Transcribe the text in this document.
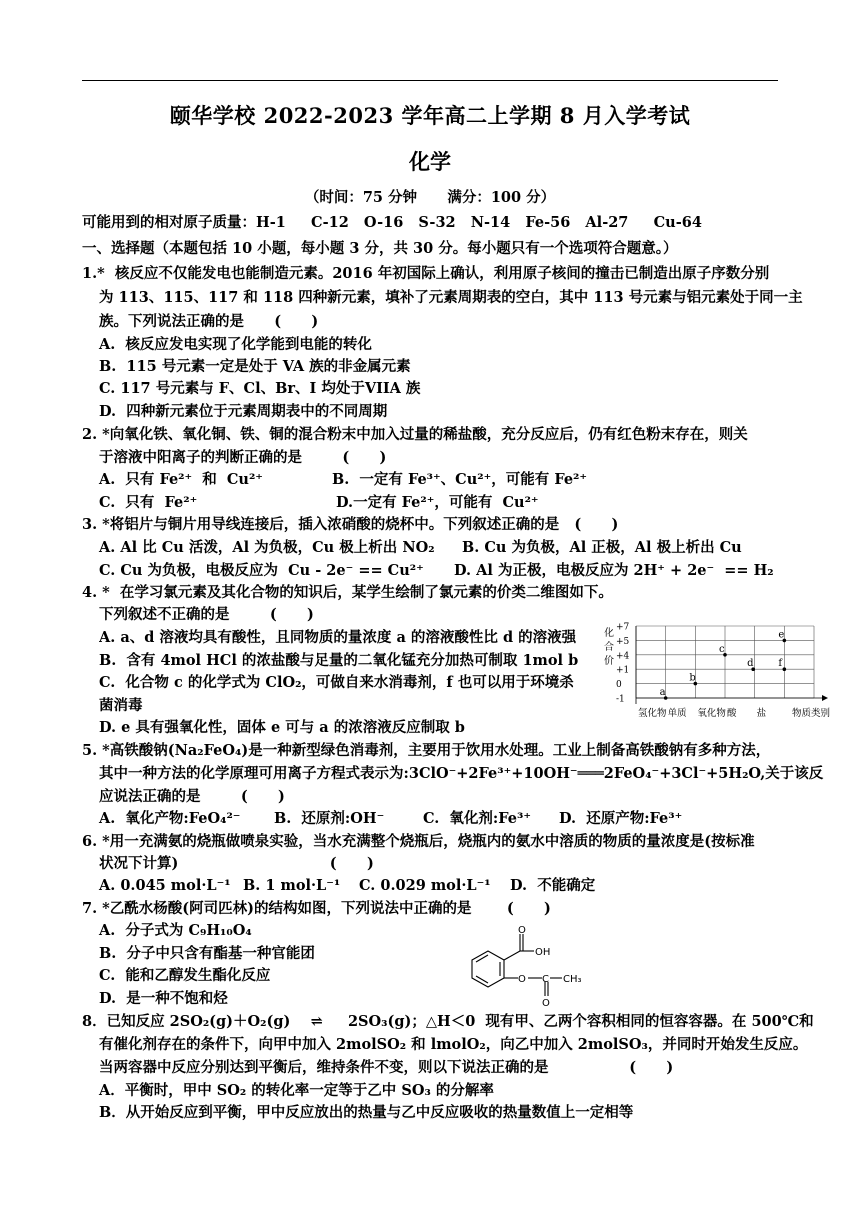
颐华学校 2022-2023 学年高二上学期 8 月入学考试
化学
（时间：75 分钟      满分：100 分）
可能用到的相对原子质量：H-1     C-12   O-16   S-32   N-14   Fe-56   Al-27     Cu-64
一、选择题（本题包括 10 小题，每小题 3 分，共 30 分。每小题只有一个选项符合题意。）
1.*  核反应不仅能发电也能制造元素。2016 年初国际上确认，利用原子核间的撞击已制造出原子序数分别
为 113、115、117 和 118 四种新元素，填补了元素周期表的空白，其中 113 号元素与铝元素处于同一主
族。下列说法正确的是      (      )
A.  核反应发电实现了化学能到电能的转化
B.  115 号元素一定是处于 VA 族的非金属元素
C. 117 号元素与 F、Cl、Br、I 均处于VIIA 族
D.  四种新元素位于元素周期表中的不同周期
2. *向氧化铁、氧化铜、铁、铜的混合粉末中加入过量的稀盐酸，充分反应后，仍有红色粉末存在，则关
于溶液中阳离子的判断正确的是        (      )
A.  只有 Fe²⁺  和  Cu²⁺	B.  一定有 Fe³⁺、Cu²⁺，可能有 Fe²⁺
C.  只有  Fe²⁺	D.一定有 Fe²⁺，可能有  Cu²⁺
3. *将铝片与铜片用导线连接后，插入浓硝酸的烧杯中。下列叙述正确的是   (      )
A. Al 比 Cu 活泼，Al 为负极，Cu 极上析出 NO₂ B. Cu 为负极，Al 正极，Al 极上析出 Cu
C. Cu 为负极，电极反应为  Cu - 2e⁻ == Cu²⁺ D. Al 为正极，电极反应为 2H⁺ + 2e⁻  == H₂
4. *  在学习氯元素及其化合物的知识后，某学生绘制了氯元素的价类二维图如下。
下列叙述不正确的是        (      )
A. a、d 溶液均具有酸性，且同物质的量浓度 a 的溶液酸性比 d 的溶液强
B.  含有 4mol HCl 的浓盐酸与足量的二氧化锰充分加热可制取 1mol b
C.  化合物 c 的化学式为 ClO₂，可做自来水消毒剂，f 也可以用于环境杀
菌消毒
D. e 具有强氧化性，固体 e 可与 a 的浓溶液反应制取 b
+7
+5
+4
+1
0
-1
氢化物 单质 氧化物 酸 盐
a
b
c
d
e
f
化
合
价
物质类别
5. *高铁酸钠(Na₂FeO₄)是一种新型绿色消毒剂，主要用于饮用水处理。工业上制备高铁酸钠有多种方法，
其中一种方法的化学原理可用离子方程式表示为:3ClO⁻+2Fe³⁺+10OH⁻═══2FeO₄⁻+3Cl⁻+5H₂O,关于该反
应说法正确的是        (      )
A.  氧化产物:FeO₄²⁻ B.  还原剂:OH⁻	C.  氧化剂:Fe³⁺ D.  还原产物:Fe³⁺
6. *用一充满氨的烧瓶做喷泉实验，当水充满整个烧瓶后，烧瓶内的氨水中溶质的物质的量浓度是(按标准
状况下计算)                              (      )
A. 0.045 mol·L⁻¹ B. 1 mol·L⁻¹ C. 0.029 mol·L⁻¹ D.  不能确定
7. *乙酰水杨酸(阿司匹林)的结构如图，下列说法中正确的是       (      )
A.  分子式为 C₉H₁₀O₄
B.  分子中只含有酯基一种官能团
C.  能和乙醇发生酯化反应
D.  是一种不饱和烃
O
OH
O C
O
CH₃
8．已知反应 2SO₂(g)＋O₂(g)    ⇌     2SO₃(g)；△H＜0  现有甲、乙两个容积相同的恒容容器。在 500℃和
有催化剂存在的条件下，向甲中加入 2molSO₂ 和 lmolO₂，向乙中加入 2molSO₃，并同时开始发生反应。
当两容器中反应分别达到平衡后，维持条件不变，则以下说法正确的是                (      )
A．平衡时，甲中 SO₂ 的转化率一定等于乙中 SO₃ 的分解率
B．从开始反应到平衡，甲中反应放出的热量与乙中反应吸收的热量数值上一定相等
